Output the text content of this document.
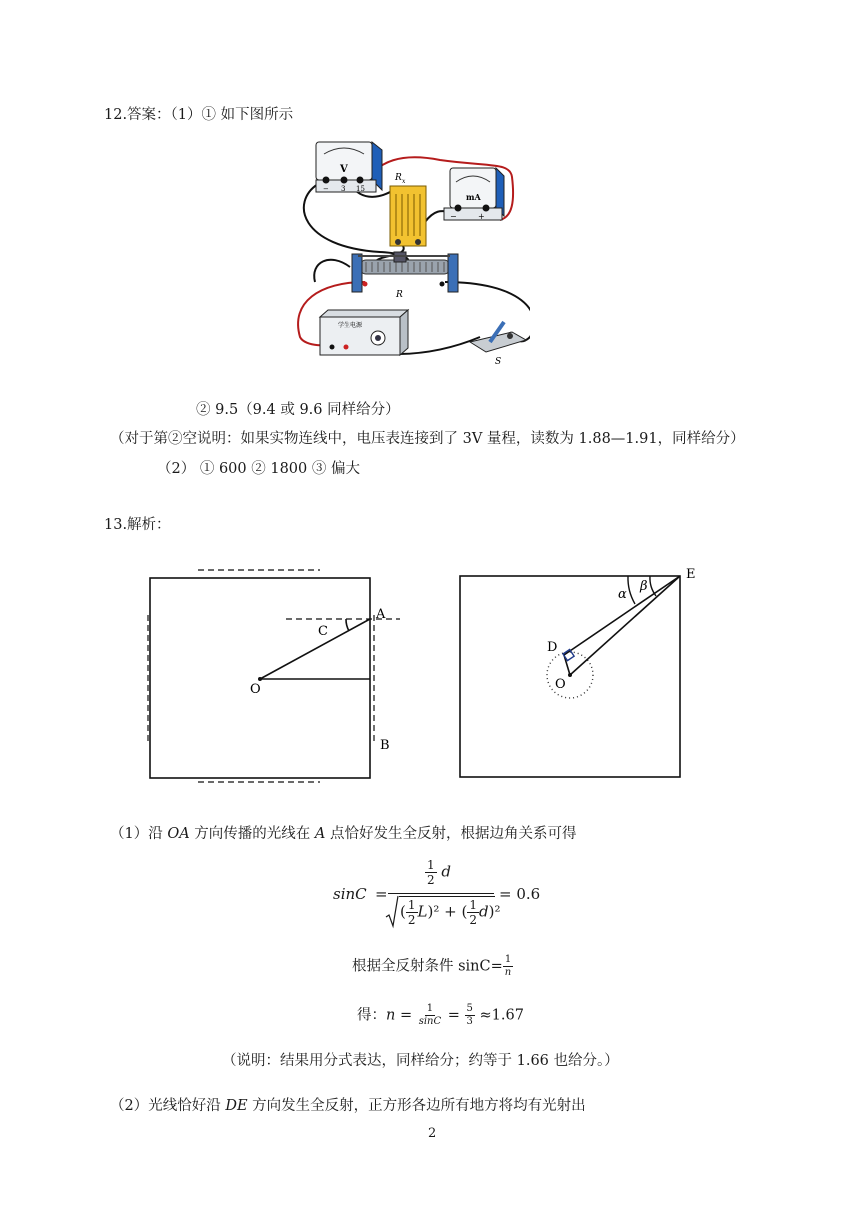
12.答案：（1）① 如下图所示
V
− 3 15
R x
mA
−	+
R
学生电源
S
② 9.5（9.4 或 9.6 同样给分）
（对于第②空说明：如果实物连线中，电压表连接到了 3V 量程，读数为 1.88—1.91，同样给分）
（2） ① 600 ② 1800 ③ 偏大
13.解析：
A
B
C
O
E
D
O
α
β
（1）沿 OA 方向传播的光线在 A 点恰好发生全反射，根据边角关系可得
sinC =
$\frac{1}{2}$ d
( $\frac{1}{2} L)^2$ + ( $\frac{1}{2} d)^2$
= 0.6
根据全反射条件 $\sin C= \frac{1}{n}$
得：$n = \frac{1}{\sin C} = \frac{5}{3} \approx 1.67$
（说明：结果用分式表达，同样给分；约等于 1.66 也给分。）
（2）光线恰好沿 DE 方向发生全反射，正方形各边所有地方将均有光射出
2
